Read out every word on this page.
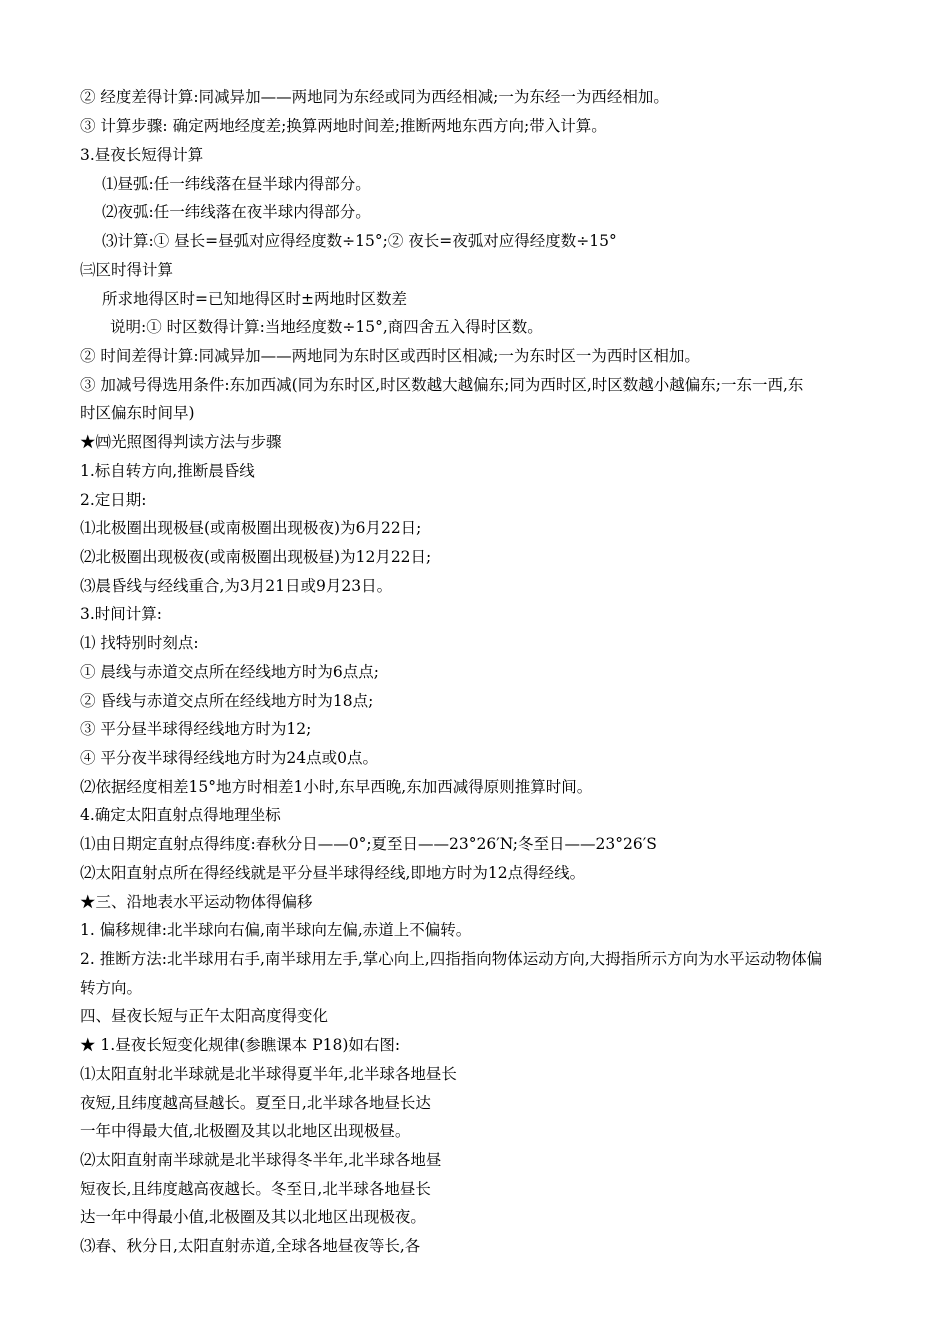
② 经度差得计算:同减异加——两地同为东经或同为西经相减;一为东经一为西经相加。
③ 计算步骤: 确定两地经度差;换算两地时间差;推断两地东西方向;带入计算。
3.昼夜长短得计算
⑴昼弧:任一纬线落在昼半球内得部分。
⑵夜弧:任一纬线落在夜半球内得部分。
⑶计算:① 昼长=昼弧对应得经度数÷15°;② 夜长=夜弧对应得经度数÷15°
㈢区时得计算
所求地得区时=已知地得区时±两地时区数差
说明:① 时区数得计算:当地经度数÷15°,商四舍五入得时区数。
② 时间差得计算:同减异加——两地同为东时区或西时区相减;一为东时区一为西时区相加。
③ 加减号得选用条件:东加西减(同为东时区,时区数越大越偏东;同为西时区,时区数越小越偏东;一东一西,东
时区偏东时间早)
★㈣光照图得判读方法与步骤
1.标自转方向,推断晨昏线
2.定日期:
⑴北极圈出现极昼(或南极圈出现极夜)为6月22日;
⑵北极圈出现极夜(或南极圈出现极昼)为12月22日;
⑶晨昏线与经线重合,为3月21日或9月23日。
3.时间计算:
⑴ 找特别时刻点:
① 晨线与赤道交点所在经线地方时为6点点;
② 昏线与赤道交点所在经线地方时为18点;
③ 平分昼半球得经线地方时为12;
④ 平分夜半球得经线地方时为24点或0点。
⑵依据经度相差15°地方时相差1小时,东早西晚,东加西减得原则推算时间。
4.确定太阳直射点得地理坐标
⑴由日期定直射点得纬度:春秋分日——0°;夏至日——23°26′N;冬至日——23°26′S
⑵太阳直射点所在得经线就是平分昼半球得经线,即地方时为12点得经线。
★三、沿地表水平运动物体得偏移
1. 偏移规律:北半球向右偏,南半球向左偏,赤道上不偏转。
2. 推断方法:北半球用右手,南半球用左手,掌心向上,四指指向物体运动方向,大拇指所示方向为水平运动物体偏
转方向。
四、昼夜长短与正午太阳高度得变化
★ 1.昼夜长短变化规律(参瞧课本 P18)如右图:
⑴太阳直射北半球就是北半球得夏半年,北半球各地昼长
夜短,且纬度越高昼越长。夏至日,北半球各地昼长达
一年中得最大值,北极圈及其以北地区出现极昼。
⑵太阳直射南半球就是北半球得冬半年,北半球各地昼
短夜长,且纬度越高夜越长。冬至日,北半球各地昼长
达一年中得最小值,北极圈及其以北地区出现极夜。
⑶春、秋分日,太阳直射赤道,全球各地昼夜等长,各
